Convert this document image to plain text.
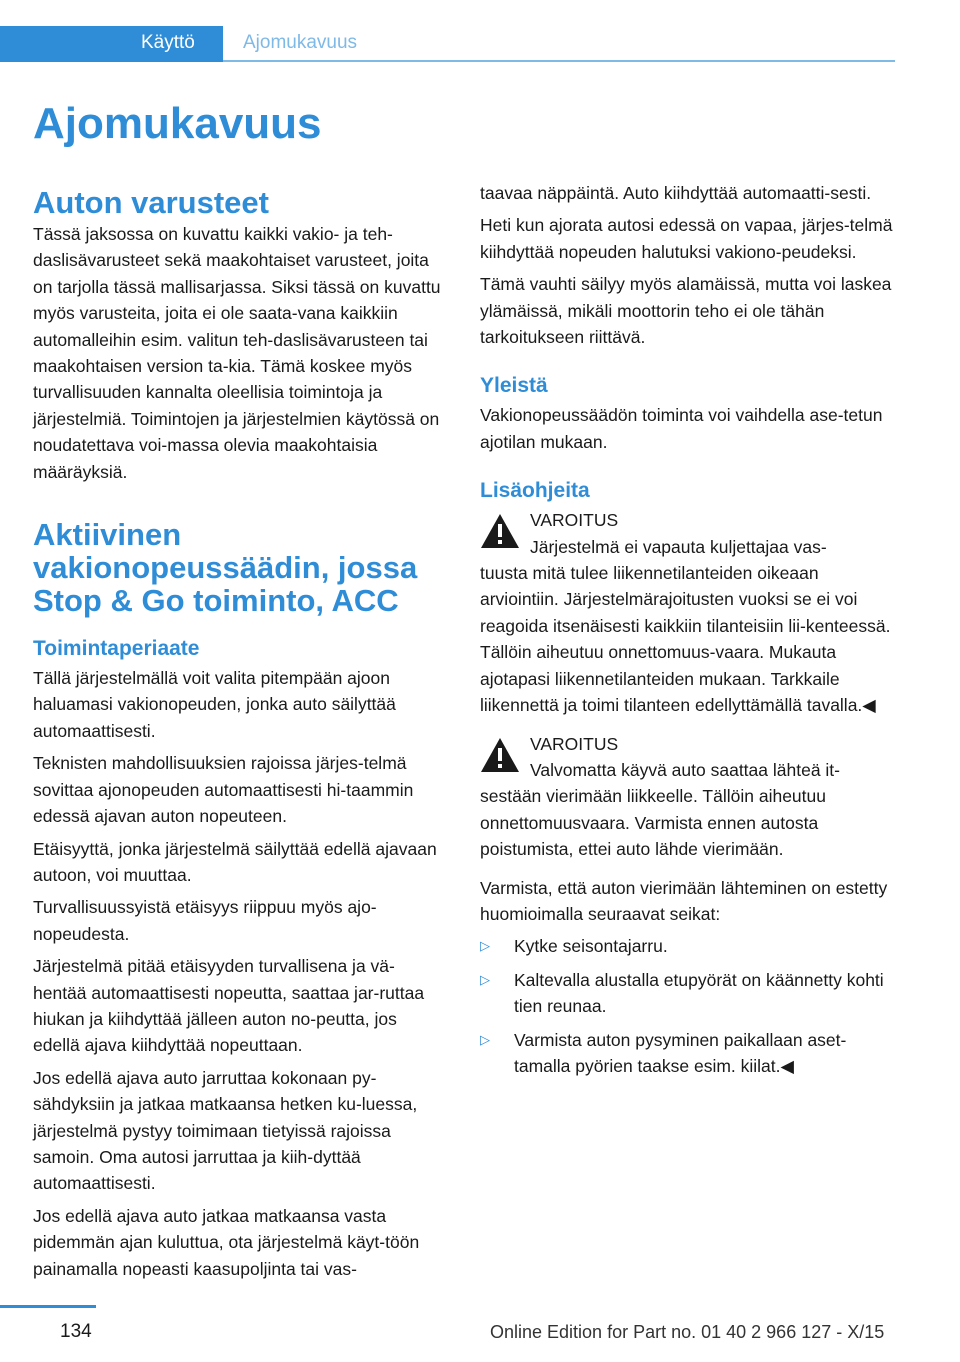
Käyttö	Ajomukavuus
Ajomukavuus
Auton varusteet

Tässä jaksossa on kuvattu kaikki vakio- ja teh-daslisävarusteet sekä maakohtaiset varusteet, joita on tarjolla tässä mallisarjassa. Siksi tässä on kuvattu myös varusteita, joita ei ole saata-vana kaikkiin automalleihin esim. valitun teh-daslisävarusteen tai maakohtaisen version ta-kia. Tämä koskee myös turvallisuuden kannalta oleellisia toimintoja ja järjestelmiä. Toimintojen ja järjestelmien käytössä on noudatettava voi-massa olevia maakohtaisia määräyksiä.

Aktiivinen vakionopeussäädin, jossa Stop & Go toiminto, ACC
Toimintaperiaate

Tällä järjestelmällä voit valita pitempään ajoon haluamasi vakionopeuden, jonka auto säilyttää automaattisesti.

Teknisten mahdollisuuksien rajoissa järjes-telmä sovittaa ajonopeuden automaattisesti hi-taammin edessä ajavan auton nopeuteen.

Etäisyyttä, jonka järjestelmä säilyttää edellä ajavaan autoon, voi muuttaa.

Turvallisuussyistä etäisyys riippuu myös ajo-nopeudesta.

Järjestelmä pitää etäisyyden turvallisena ja vä-hentää automaattisesti nopeutta, saattaa jar-ruttaa hiukan ja kiihdyttää jälleen auton no-peutta, jos edellä ajava kiihdyttää nopeuttaan.

Jos edellä ajava auto jarruttaa kokonaan py-sähdyksiin ja jatkaa matkaansa hetken ku-luessa, järjestelmä pystyy toimimaan tietyissä rajoissa samoin. Oma autosi jarruttaa ja kiih-dyttää automaattisesti.

Jos edellä ajava auto jatkaa matkaansa vasta pidemmän ajan kuluttua, ota järjestelmä käyt-töön painamalla nopeasti kaasupoljinta tai vas-

taavaa näppäintä. Auto kiihdyttää automaatti-sesti.

Heti kun ajorata autosi edessä on vapaa, järjes-telmä kiihdyttää nopeuden halutuksi vakiono-peudeksi.

Tämä vauhti säilyy myös alamäissä, mutta voi laskea ylämäissä, mikäli moottorin teho ei ole tähän tarkoitukseen riittävä.

Yleistä

Vakionopeussäädön toiminta voi vaihdella ase-tetun ajotilan mukaan.

Lisäohjeita
VAROITUS
Järjestelmä ei vapauta kuljettajaa vas-
tuusta mitä tulee liikennetilanteiden oikeaan arviointiin. Järjestelmärajoitusten vuoksi se ei voi reagoida itsenäisesti kaikkiin tilanteisiin lii-kenteessä. Tällöin aiheutuu onnettomuus-vaara. Mukauta ajotapasi liikennetilanteiden mukaan. Tarkkaile liikennettä ja toimi tilanteen edellyttämällä tavalla.◀
VAROITUS
Valvomatta käyvä auto saattaa lähteä it-
sestään vierimään liikkeelle. Tällöin aiheutuu onnettomuusvaara. Varmista ennen autosta poistumista, ettei auto lähde vierimään.

Varmista, että auton vierimään lähteminen on estetty huomioimalla seuraavat seikat:

▷ Kytke seisontajarru.
▷ Kaltevalla alustalla etupyörät on käännetty kohti tien reunaa.
▷ Varmista auton pysyminen paikallaan aset-tamalla pyörien taakse esim. kiilat.◀
134	Online Edition for Part no. 01 40 2 966 127 - X/15
